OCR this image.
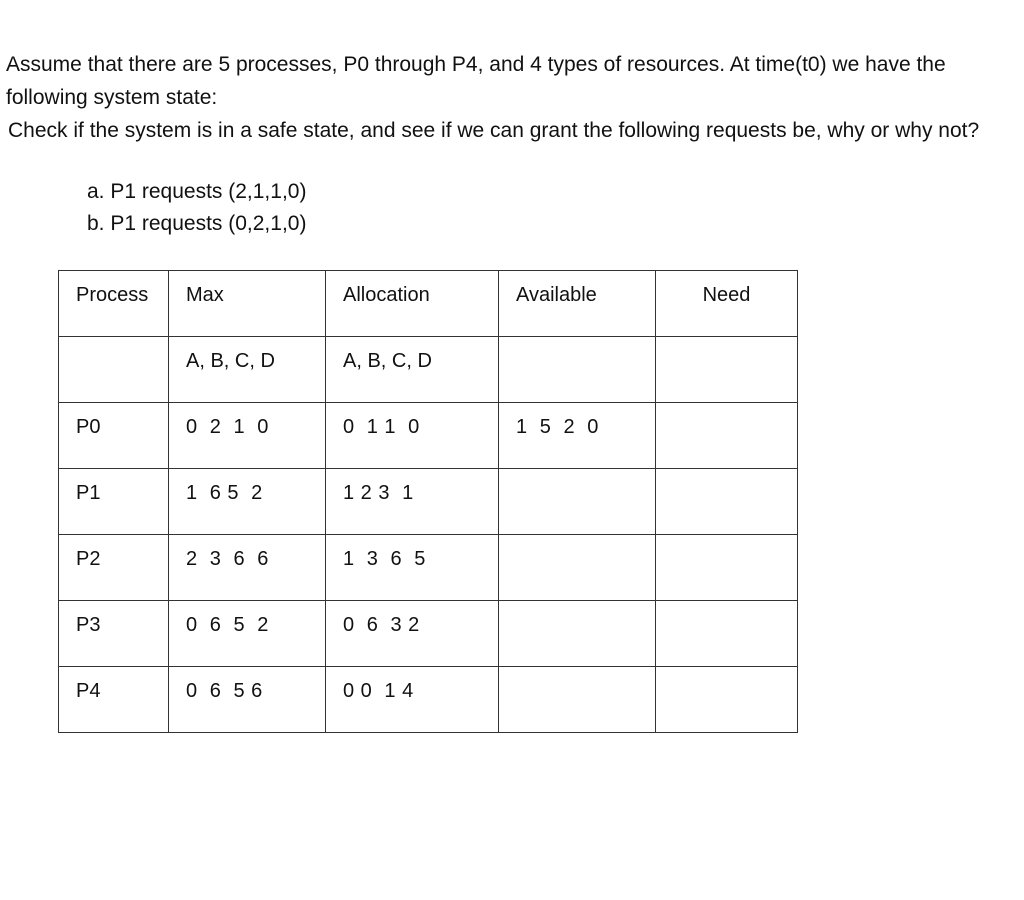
Assume that there are 5 processes, P0 through P4, and 4 types of resources. At time(t0) we have the following system state:
Check if the system is in a safe state, and see if we can grant the following requests be, why or why not?
a. P1 requests (2,1,1,0)
b. P1 requests (0,2,1,0)
Process	Max	Allocation	Available	Need
	A, B, C, D	A, B, C, D		
P0	0  2  1  0	0  1 1  0	1  5  2  0	
P1	1  6 5  2	1 2 3  1		
P2	2  3  6  6	1  3  6  5		
P3	0  6  5  2	0  6  3 2		
P4	0  6  5 6	0 0  1 4		
